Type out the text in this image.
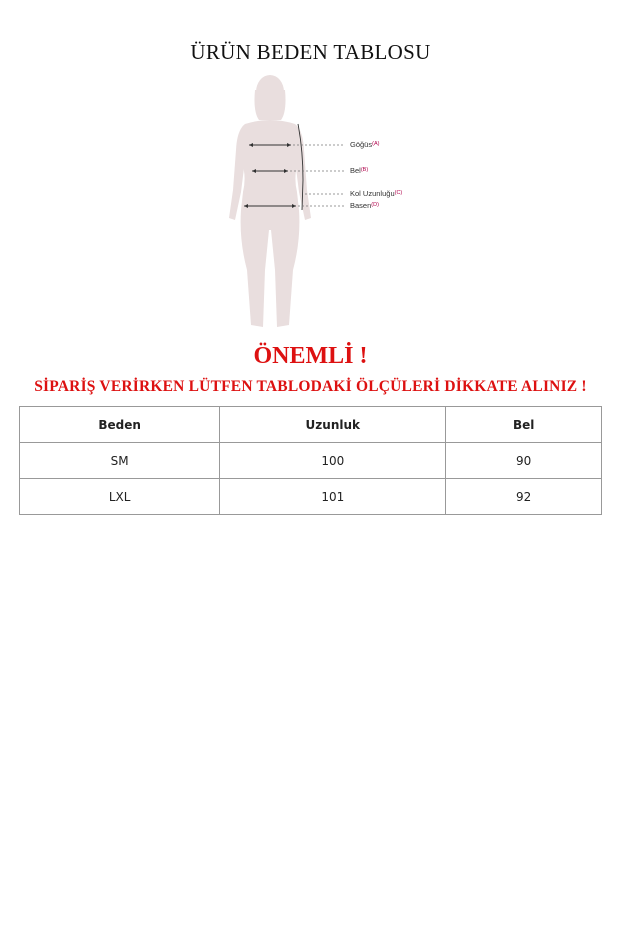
ÜRÜN BEDEN TABLOSU
Göğüs$^{(A)}$
Bel$^{(B)}$
Kol Uzunluğu$^{(C)}$
Basen$^{(D)}$
ÖNEMLİ !
SİPARİŞ VERİRKEN LÜTFEN TABLODAKİ ÖLÇÜLERİ DİKKATE ALINIZ !
Beden	Uzunluk	Bel
SM	100	90
LXL	101	92
